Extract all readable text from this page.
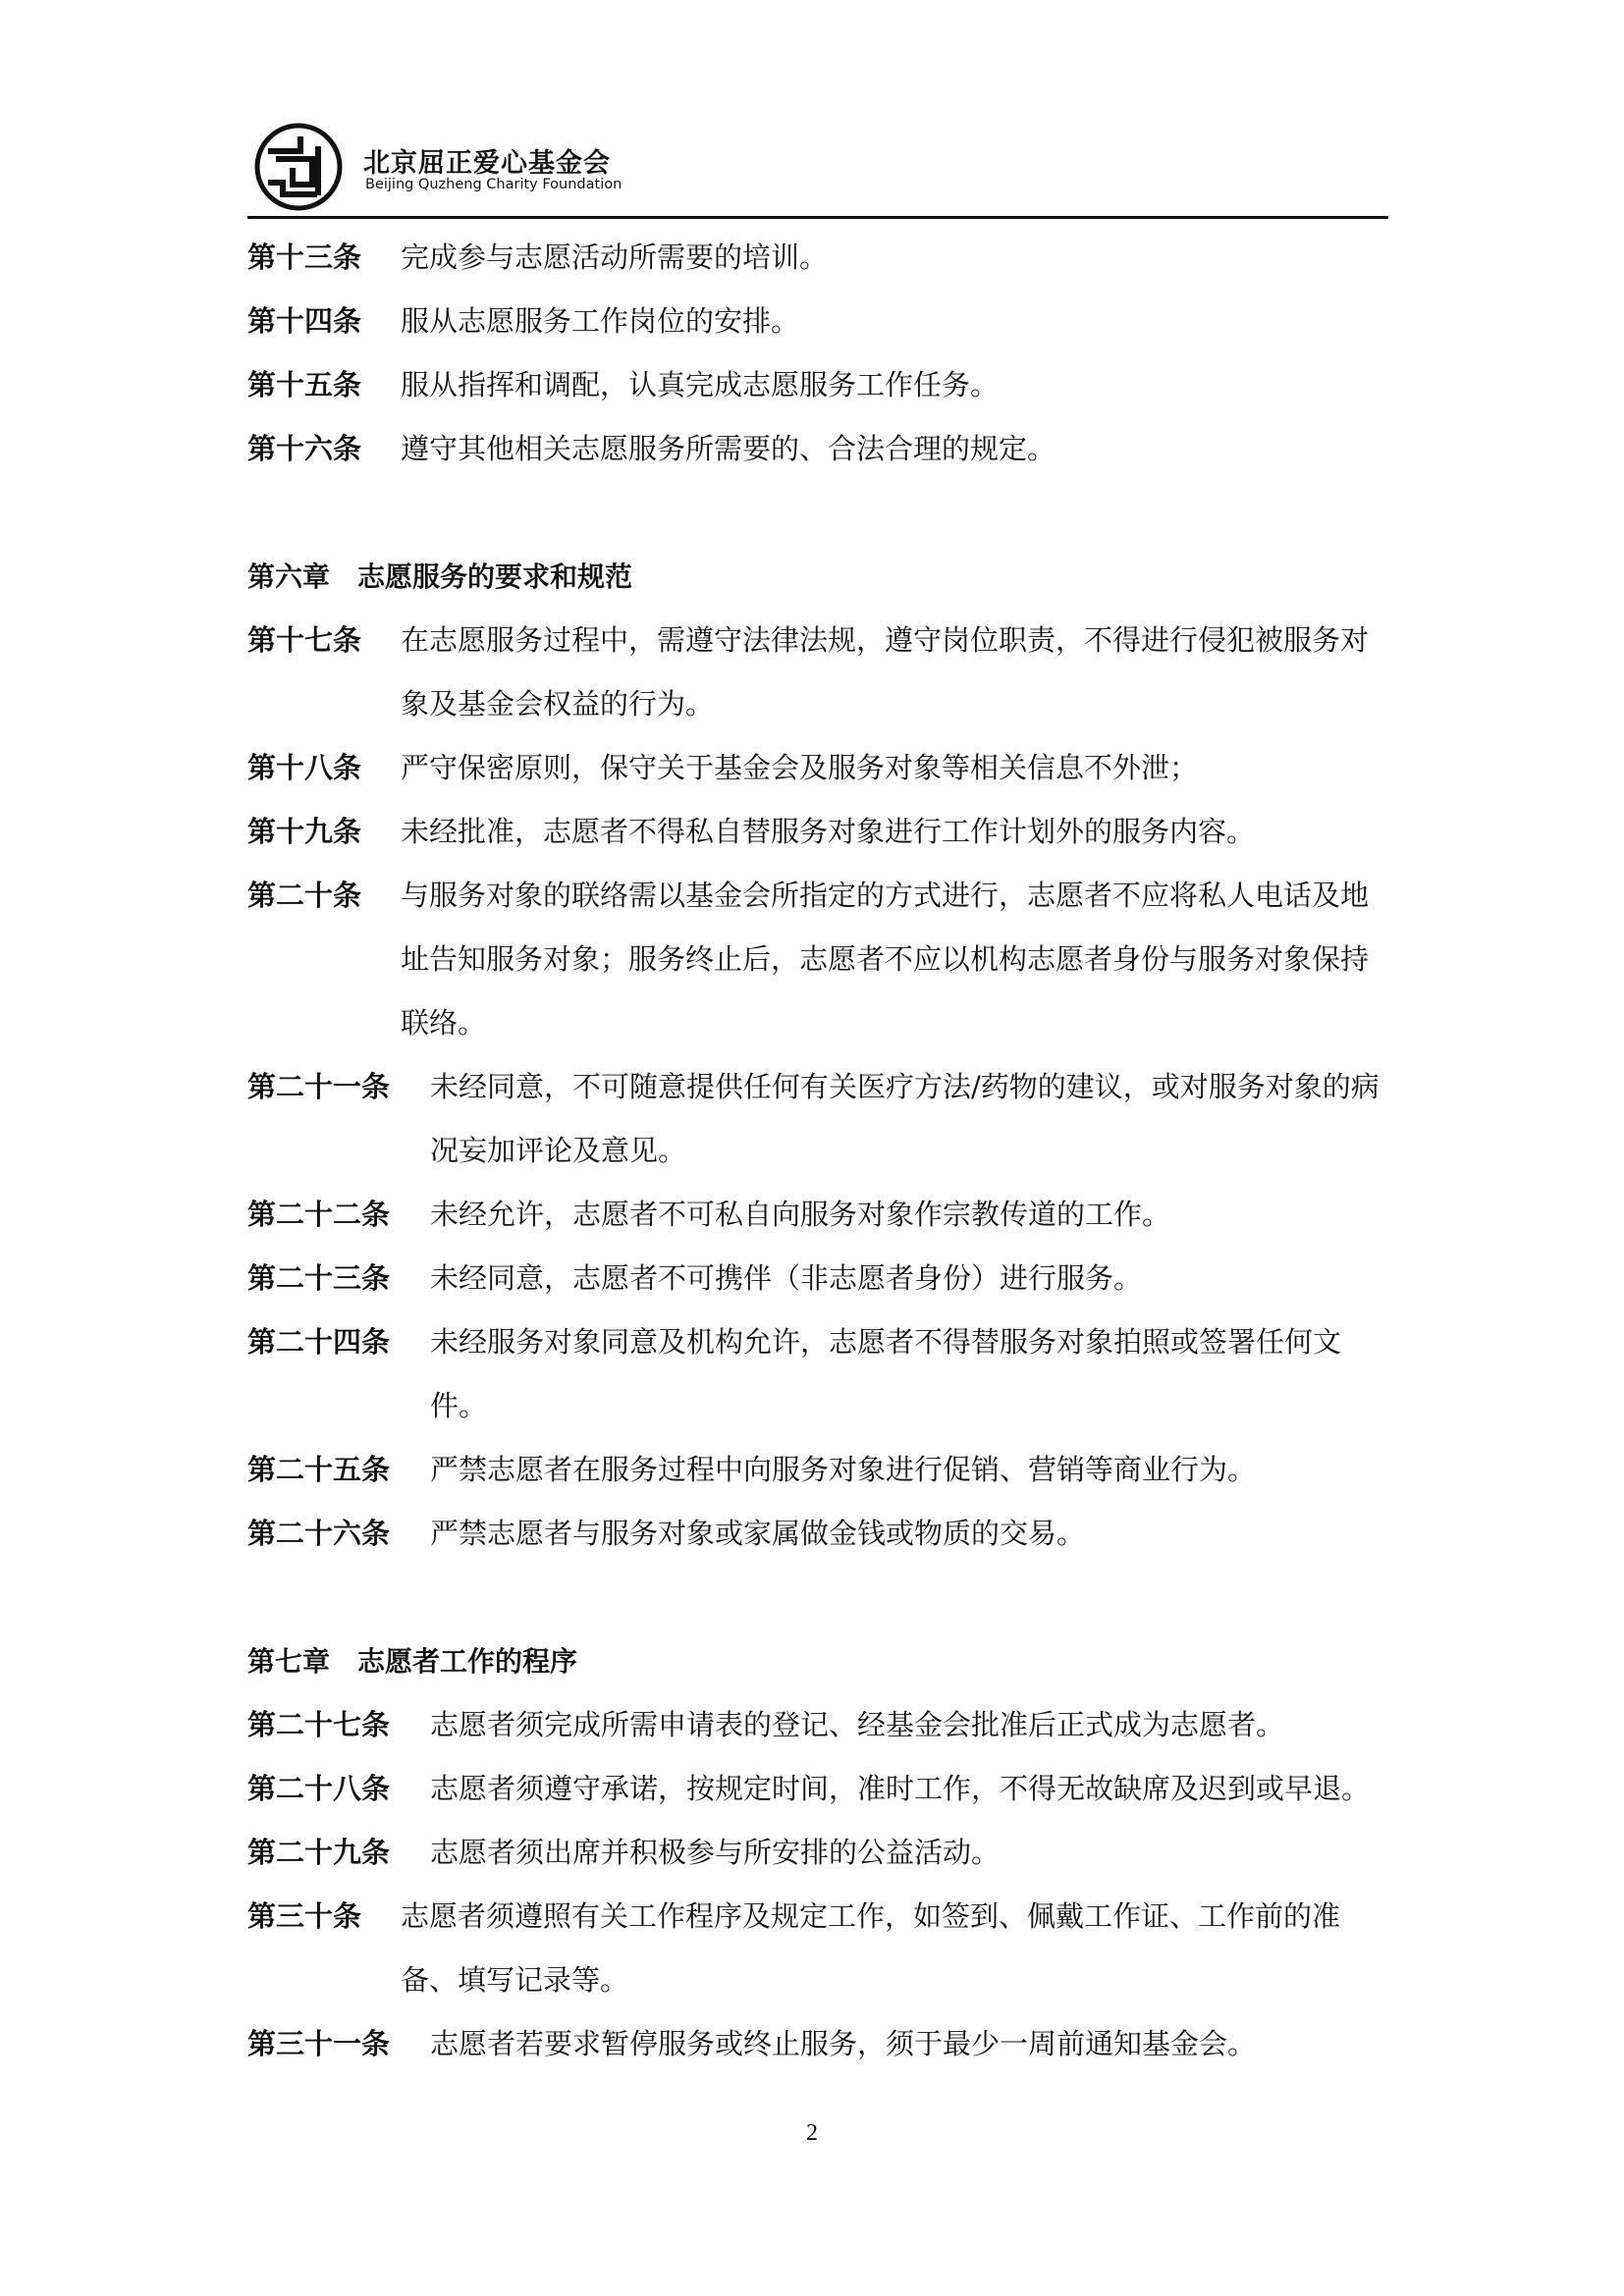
北京屈正爱心基金会
Beijing Quzheng Charity Foundation
第十三条	完成参与志愿活动所需要的培训。
第十四条	服从志愿服务工作岗位的安排。
第十五条	服从指挥和调配，认真完成志愿服务工作任务。
第十六条	遵守其他相关志愿服务所需要的、合法合理的规定。
第六章 志愿服务的要求和规范
第十七条	在志愿服务过程中，需遵守法律法规，遵守岗位职责，不得进行侵犯被服务对象及基金会权益的行为。
第十八条	严守保密原则，保守关于基金会及服务对象等相关信息不外泄；
第十九条	未经批准，志愿者不得私自替服务对象进行工作计划外的服务内容。
第二十条	与服务对象的联络需以基金会所指定的方式进行，志愿者不应将私人电话及地址告知服务对象；服务终止后，志愿者不应以机构志愿者身份与服务对象保持联络。
第二十一条	未经同意，不可随意提供任何有关医疗方法/药物的建议，或对服务对象的病况妄加评论及意见。
第二十二条	未经允许，志愿者不可私自向服务对象作宗教传道的工作。
第二十三条	未经同意，志愿者不可携伴（非志愿者身份）进行服务。
第二十四条	未经服务对象同意及机构允许，志愿者不得替服务对象拍照或签署任何文件。
第二十五条	严禁志愿者在服务过程中向服务对象进行促销、营销等商业行为。
第二十六条	严禁志愿者与服务对象或家属做金钱或物质的交易。
第七章 志愿者工作的程序
第二十七条	志愿者须完成所需申请表的登记、经基金会批准后正式成为志愿者。
第二十八条	志愿者须遵守承诺，按规定时间，准时工作，不得无故缺席及迟到或早退。
第二十九条	志愿者须出席并积极参与所安排的公益活动。
第三十条	志愿者须遵照有关工作程序及规定工作，如签到、佩戴工作证、工作前的准备、填写记录等。
第三十一条	志愿者若要求暂停服务或终止服务，须于最少一周前通知基金会。
2
